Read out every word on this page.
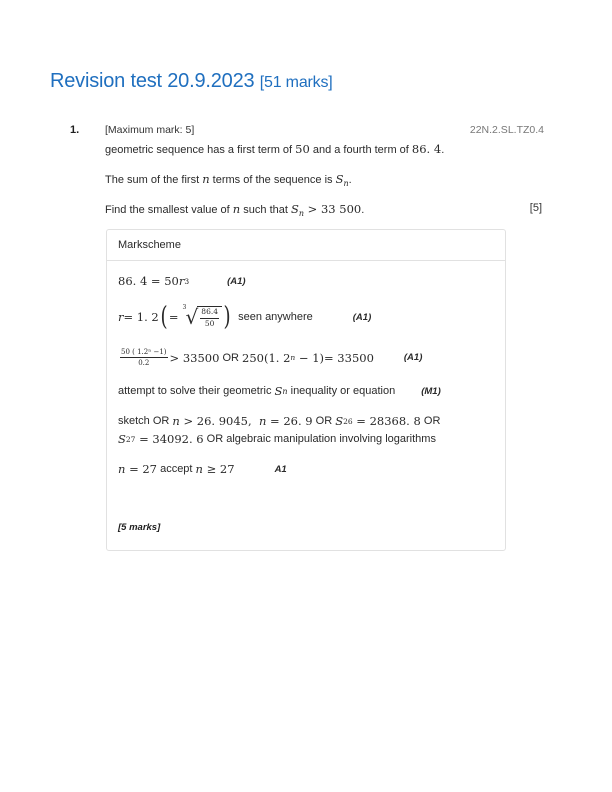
Revision test 20.9.2023 [51 marks]
1. [Maximum mark: 5]	22N.2.SL.TZ0.4
geometric sequence has a first term of 50 and a fourth term of 86. 4.
The sum of the first n terms of the sequence is $S_n$.
Find the smallest value of n such that $S_n > 33$ 500.	[5]
Markscheme
86. 4 = 50 r 3	(A1)
r = 1. 2 ( =
3 √ $\frac{86.4}{50}$ ) seen anywhere	(A1)
$\frac{\text{50 ( 1.2ⁿ −1)}}{0.2} > 33500$ OR 250(1. 2 n − 1)= 33500	(A1)
attempt to solve their geometric S n inequality or equation	(M1)
sketch OR n > 26. 9045, n = 26. 9 OR S 26 = 28368. 8 OR
S 27 = 34092. 6 OR algebraic manipulation involving logarithms
n = 27 accept n ≥ 27	A1
[5 marks]
